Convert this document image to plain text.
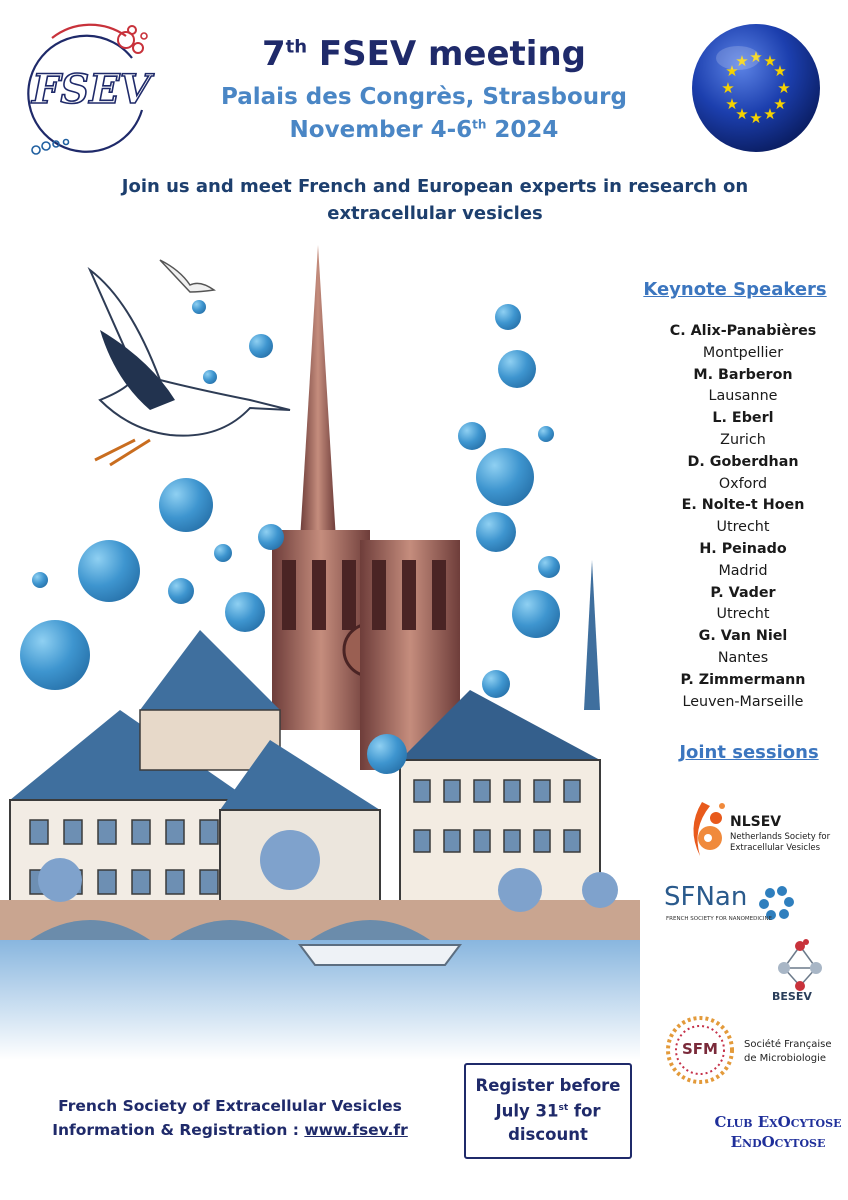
FSEV
★ ★
★
★
★
★
★
★
★
★
★
★
7th FSEV meeting
Palais des Congrès, Strasbourg
November 4-6th 2024
Join us and meet French and European experts in research on
extracellular vesicles
Keynote Speakers
C. Alix-Panabières
Montpellier
M. Barberon
Lausanne
L. Eberl
Zurich
D. Goberdhan
Oxford
E. Nolte-t Hoen
Utrecht
H. Peinado
Madrid
P. Vader
Utrecht
G. Van Niel
Nantes
P. Zimmermann
Leuven-Marseille
Joint sessions
NLSEV
Netherlands Society for
Extracellular Vesicles
SFNan
FRENCH SOCIETY FOR NANOMEDICINE
BESEV
SFM	Société Française
de Microbiologie
Club ExOcytose
EndOcytose
French Society of Extracellular Vesicles
Information & Registration : www.fsev.fr
Register before
July 31st for
discount
